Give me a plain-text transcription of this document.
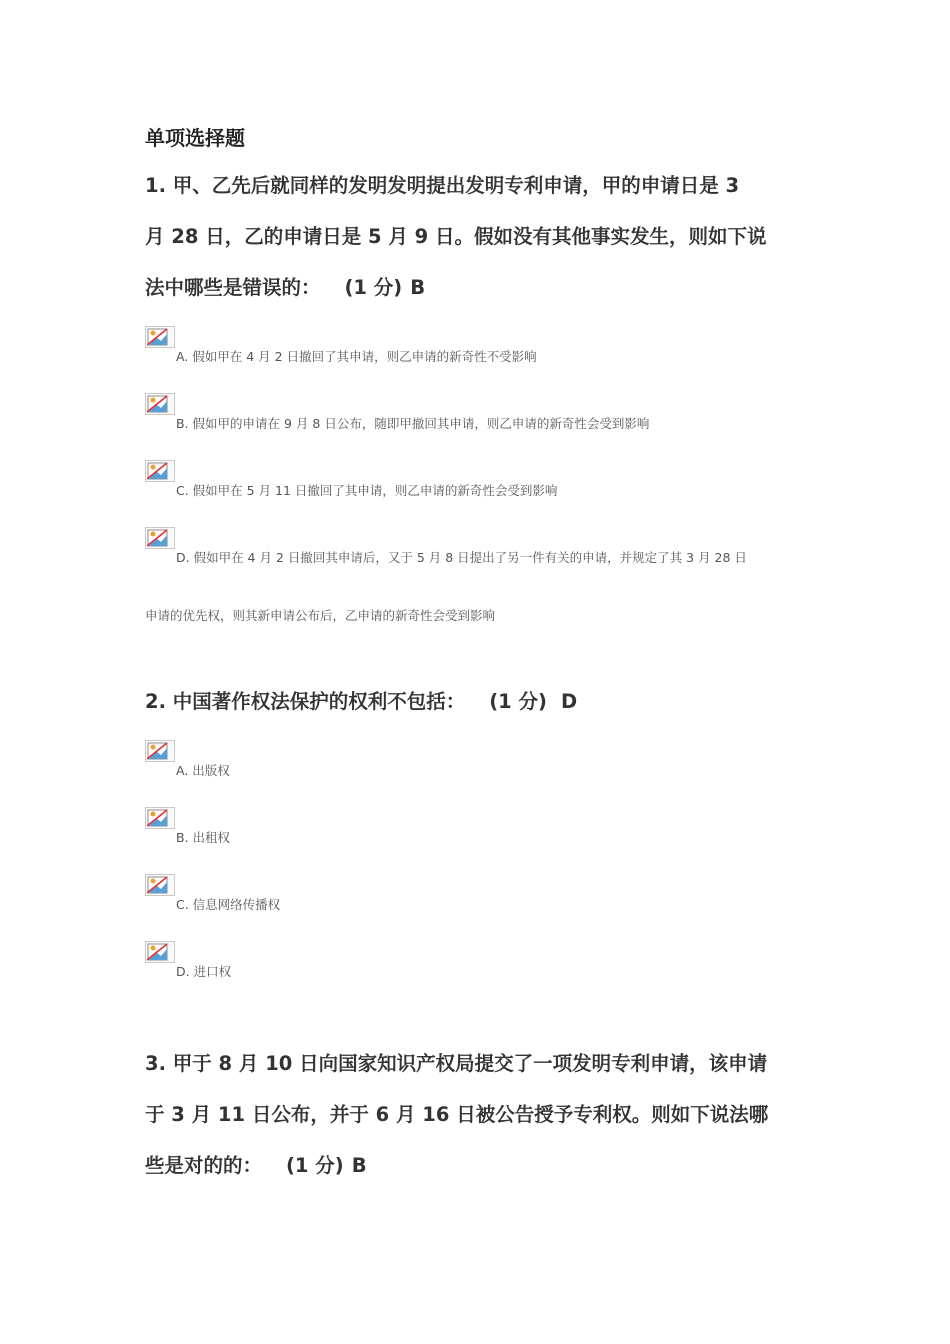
单项选择题
1. 甲、乙先后就同样的发明发明提出发明专利申请，甲的申请日是 3
月 28 日，乙的申请日是 5 月 9 日。假如没有其他事实发生，则如下说
法中哪些是错误的： (1 分) B
A. 假如甲在 4 月 2 日撤回了其申请，则乙申请的新奇性不受影响
B. 假如甲的申请在 9 月 8 日公布，随即甲撤回其申请，则乙申请的新奇性会受到影响
C. 假如甲在 5 月 11 日撤回了其申请，则乙申请的新奇性会受到影响
D. 假如甲在 4 月 2 日撤回其申请后，又于 5 月 8 日提出了另一件有关的申请，并规定了其 3 月 28 日
申请的优先权，则其新申请公布后，乙申请的新奇性会受到影响
2. 中国著作权法保护的权利不包括： (1 分) D
A. 出版权
B. 出租权
C. 信息网络传播权
D. 进口权
3. 甲于 8 月 10 日向国家知识产权局提交了一项发明专利申请，该申请
于 3 月 11 日公布，并于 6 月 16 日被公告授予专利权。则如下说法哪
些是对的的： (1 分) B
